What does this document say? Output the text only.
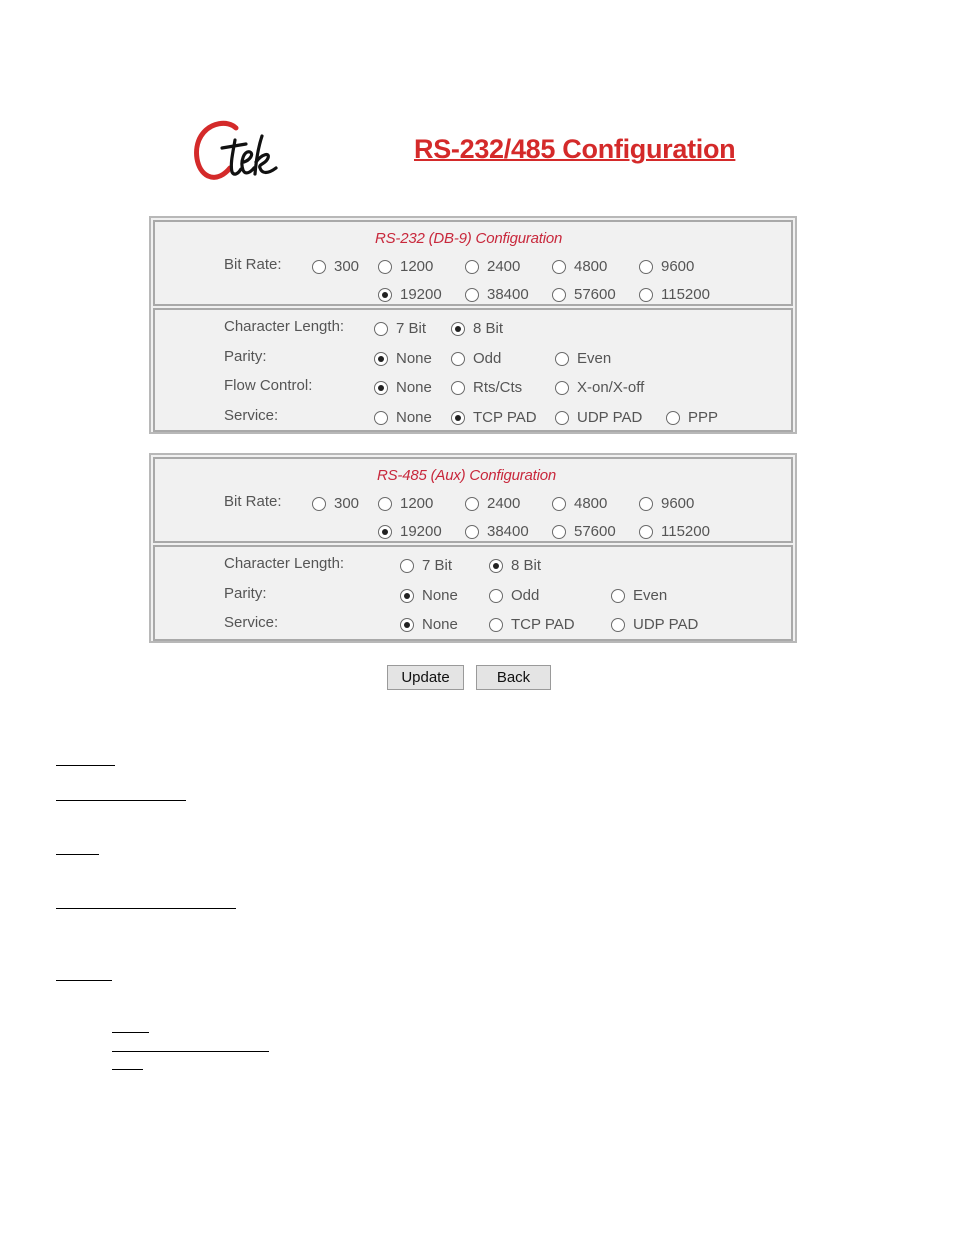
RS-232/485 Configuration
RS-232 (DB-9) Configuration
Bit Rate:	300	1200	2400	4800	9600
19200	38400	57600	115200
Character Length:	7 Bit	8 Bit
Parity:	None	Odd	Even
Flow Control:	None	Rts/Cts	X-on/X-off
Service:	None	TCP PAD	UDP PAD	PPP
RS-485 (Aux) Configuration
Bit Rate:	300	1200	2400	4800	9600
19200	38400	57600	115200
Character Length:	7 Bit	8 Bit
Parity:	None	Odd	Even
Service:	None	TCP PAD	UDP PAD
Update	Back
